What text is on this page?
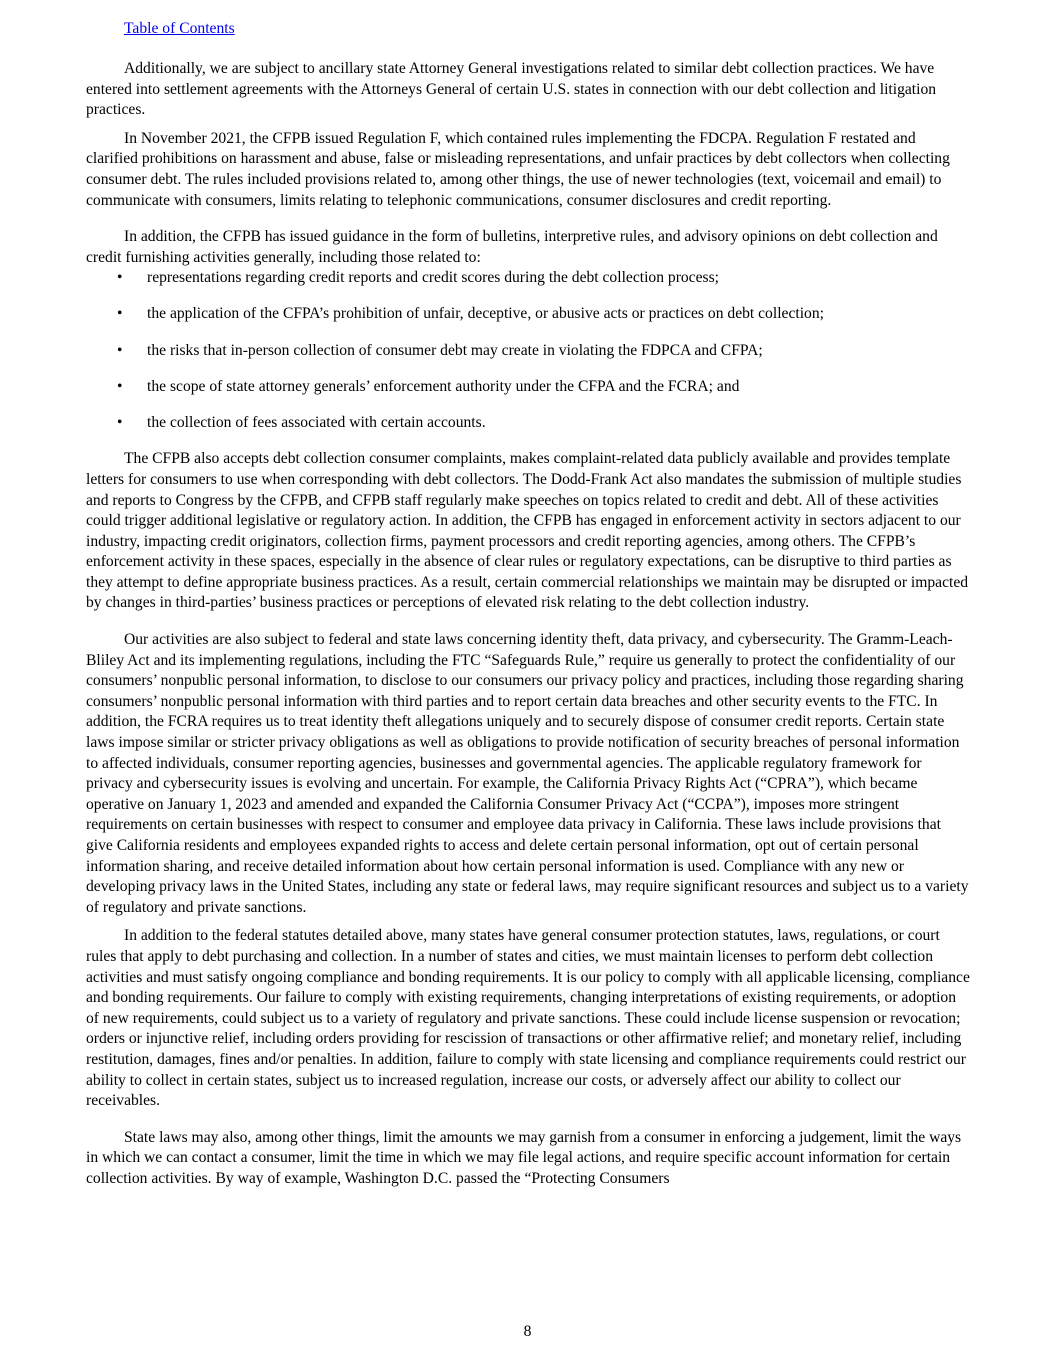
Table of Contents

Additionally, we are subject to ancillary state Attorney General investigations related to similar debt collection practices. We have entered into settlement agreements with the Attorneys General of certain U.S. states in connection with our debt collection and litigation practices.

In November 2021, the CFPB issued Regulation F, which contained rules implementing the FDCPA. Regulation F restated and clarified prohibitions on harassment and abuse, false or misleading representations, and unfair practices by debt collectors when collecting consumer debt. The rules included provisions related to, among other things, the use of newer technologies (text, voicemail and email) to communicate with consumers, limits relating to telephonic communications, consumer disclosures and credit reporting.

In addition, the CFPB has issued guidance in the form of bulletins, interpretive rules, and advisory opinions on debt collection and credit furnishing activities generally, including those related to:

• representations regarding credit reports and credit scores during the debt collection process;
• the application of the CFPA’s prohibition of unfair, deceptive, or abusive acts or practices on debt collection;
• the risks that in-person collection of consumer debt may create in violating the FDPCA and CFPA;
• the scope of state attorney generals’ enforcement authority under the CFPA and the FCRA; and
• the collection of fees associated with certain accounts.

The CFPB also accepts debt collection consumer complaints, makes complaint-related data publicly available and provides template letters for consumers to use when corresponding with debt collectors. The Dodd-Frank Act also mandates the submission of multiple studies and reports to Congress by the CFPB, and CFPB staff regularly make speeches on topics related to credit and debt. All of these activities could trigger additional legislative or regulatory action. In addition, the CFPB has engaged in enforcement activity in sectors adjacent to our industry, impacting credit originators, collection firms, payment processors and credit reporting agencies, among others. The CFPB’s enforcement activity in these spaces, especially in the absence of clear rules or regulatory expectations, can be disruptive to third parties as they attempt to define appropriate business practices. As a result, certain commercial relationships we maintain may be disrupted or impacted by changes in third-parties’ business practices or perceptions of elevated risk relating to the debt collection industry.

Our activities are also subject to federal and state laws concerning identity theft, data privacy, and cybersecurity. The Gramm-Leach-Bliley Act and its implementing regulations, including the FTC “Safeguards Rule,” require us generally to protect the confidentiality of our consumers’ nonpublic personal information, to disclose to our consumers our privacy policy and practices, including those regarding sharing consumers’ nonpublic personal information with third parties and to report certain data breaches and other security events to the FTC. In addition, the FCRA requires us to treat identity theft allegations uniquely and to securely dispose of consumer credit reports. Certain state laws impose similar or stricter privacy obligations as well as obligations to provide notification of security breaches of personal information to affected individuals, consumer reporting agencies, businesses and governmental agencies. The applicable regulatory framework for privacy and cybersecurity issues is evolving and uncertain. For example, the California Privacy Rights Act (“CPRA”), which became operative on January 1, 2023 and amended and expanded the California Consumer Privacy Act (“CCPA”), imposes more stringent requirements on certain businesses with respect to consumer and employee data privacy in California. These laws include provisions that give California residents and employees expanded rights to access and delete certain personal information, opt out of certain personal information sharing, and receive detailed information about how certain personal information is used. Compliance with any new or developing privacy laws in the United States, including any state or federal laws, may require significant resources and subject us to a variety of regulatory and private sanctions.

In addition to the federal statutes detailed above, many states have general consumer protection statutes, laws, regulations, or court rules that apply to debt purchasing and collection. In a number of states and cities, we must maintain licenses to perform debt collection activities and must satisfy ongoing compliance and bonding requirements. It is our policy to comply with all applicable licensing, compliance and bonding requirements. Our failure to comply with existing requirements, changing interpretations of existing requirements, or adoption of new requirements, could subject us to a variety of regulatory and private sanctions. These could include license suspension or revocation; orders or injunctive relief, including orders providing for rescission of transactions or other affirmative relief; and monetary relief, including restitution, damages, fines and/or penalties. In addition, failure to comply with state licensing and compliance requirements could restrict our ability to collect in certain states, subject us to increased regulation, increase our costs, or adversely affect our ability to collect our receivables.

State laws may also, among other things, limit the amounts we may garnish from a consumer in enforcing a judgement, limit the ways in which we can contact a consumer, limit the time in which we may file legal actions, and require specific account information for certain collection activities. By way of example, Washington D.C. passed the “Protecting Consumers

8
